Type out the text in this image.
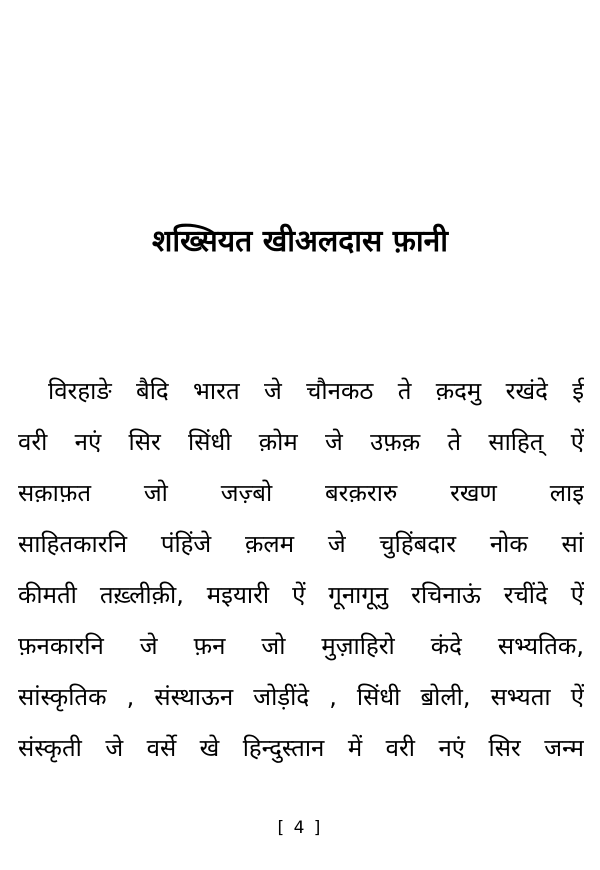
शख्सियत खीअलदास फ़ानी
विरहाङे बैदि भारत जे चौनकठ ते क़दमु रखंदे ई
वरी नएं सिर सिंधी क़ोम जे उफ़क़ ते साहित् ऐं
सक़ाफ़त जो जज़्बो बरक़रारु रखण लाइ
साहितकारनि पंहिंजे क़लम जे चुहिंबदार नोक सां
कीमती तख़्लीक़ी, मइयारी ऐं गूनागूनु रचिनाऊं रचींदे ऐं
फ़नकारनि जे फ़न जो मुज़ाहिरो कंदे सभ्यतिक,
सांस्कृतिक , संस्थाऊन जोड़ींदे , सिंधी ॿोली, सभ्यता ऐं
संस्कृती जे वर्से खे हिन्दुस्तान में वरी नएं सिर जन्म
[ 4 ]
